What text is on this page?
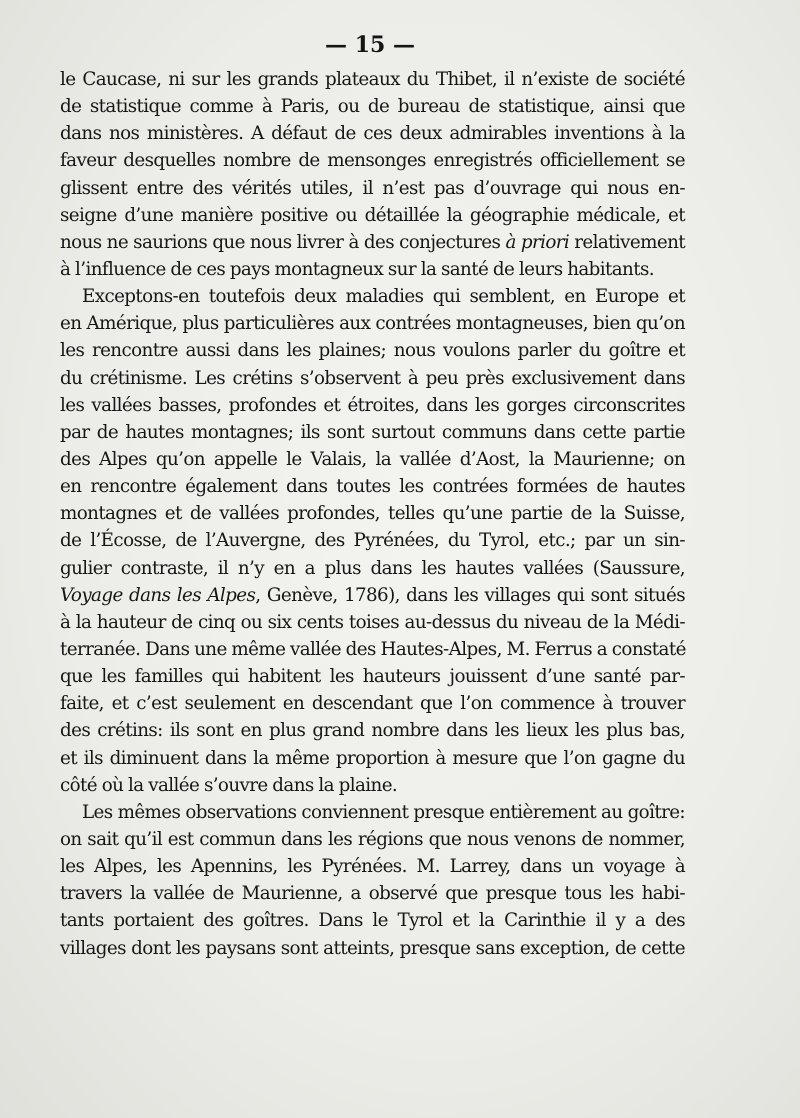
— 15 —
le Caucase, ni sur les grands plateaux du Thibet, il n’existe de société
de statistique comme à Paris, ou de bureau de statistique, ainsi que
dans nos ministères. A défaut de ces deux admirables inventions à la
faveur desquelles nombre de mensonges enregistrés officiellement se
glissent entre des vérités utiles, il n’est pas d’ouvrage qui nous en-
seigne d’une manière positive ou détaillée la géographie médicale, et
nous ne saurions que nous livrer à des conjectures à priori relativement
à l’influence de ces pays montagneux sur la santé de leurs habitants.
Exceptons-en toutefois deux maladies qui semblent, en Europe et
en Amérique, plus particulières aux contrées montagneuses, bien qu’on
les rencontre aussi dans les plaines; nous voulons parler du goître et
du crétinisme. Les crétins s’observent à peu près exclusivement dans
les vallées basses, profondes et étroites, dans les gorges circonscrites
par de hautes montagnes; ils sont surtout communs dans cette partie
des Alpes qu’on appelle le Valais, la vallée d’Aost, la Maurienne; on
en rencontre également dans toutes les contrées formées de hautes
montagnes et de vallées profondes, telles qu’une partie de la Suisse,
de l’Écosse, de l’Auvergne, des Pyrénées, du Tyrol, etc.; par un sin-
gulier contraste, il n’y en a plus dans les hautes vallées (Saussure,
Voyage dans les Alpes, Genève, 1786), dans les villages qui sont situés
à la hauteur de cinq ou six cents toises au-dessus du niveau de la Médi-
terranée. Dans une même vallée des Hautes-Alpes, M. Ferrus a constaté
que les familles qui habitent les hauteurs jouissent d’une santé par-
faite, et c’est seulement en descendant que l’on commence à trouver
des crétins: ils sont en plus grand nombre dans les lieux les plus bas,
et ils diminuent dans la même proportion à mesure que l’on gagne du
côté où la vallée s’ouvre dans la plaine.
Les mêmes observations conviennent presque entièrement au goître:
on sait qu’il est commun dans les régions que nous venons de nommer,
les Alpes, les Apennins, les Pyrénées. M. Larrey, dans un voyage à
travers la vallée de Maurienne, a observé que presque tous les habi-
tants portaient des goîtres. Dans le Tyrol et la Carinthie il y a des
villages dont les paysans sont atteints, presque sans exception, de cette
